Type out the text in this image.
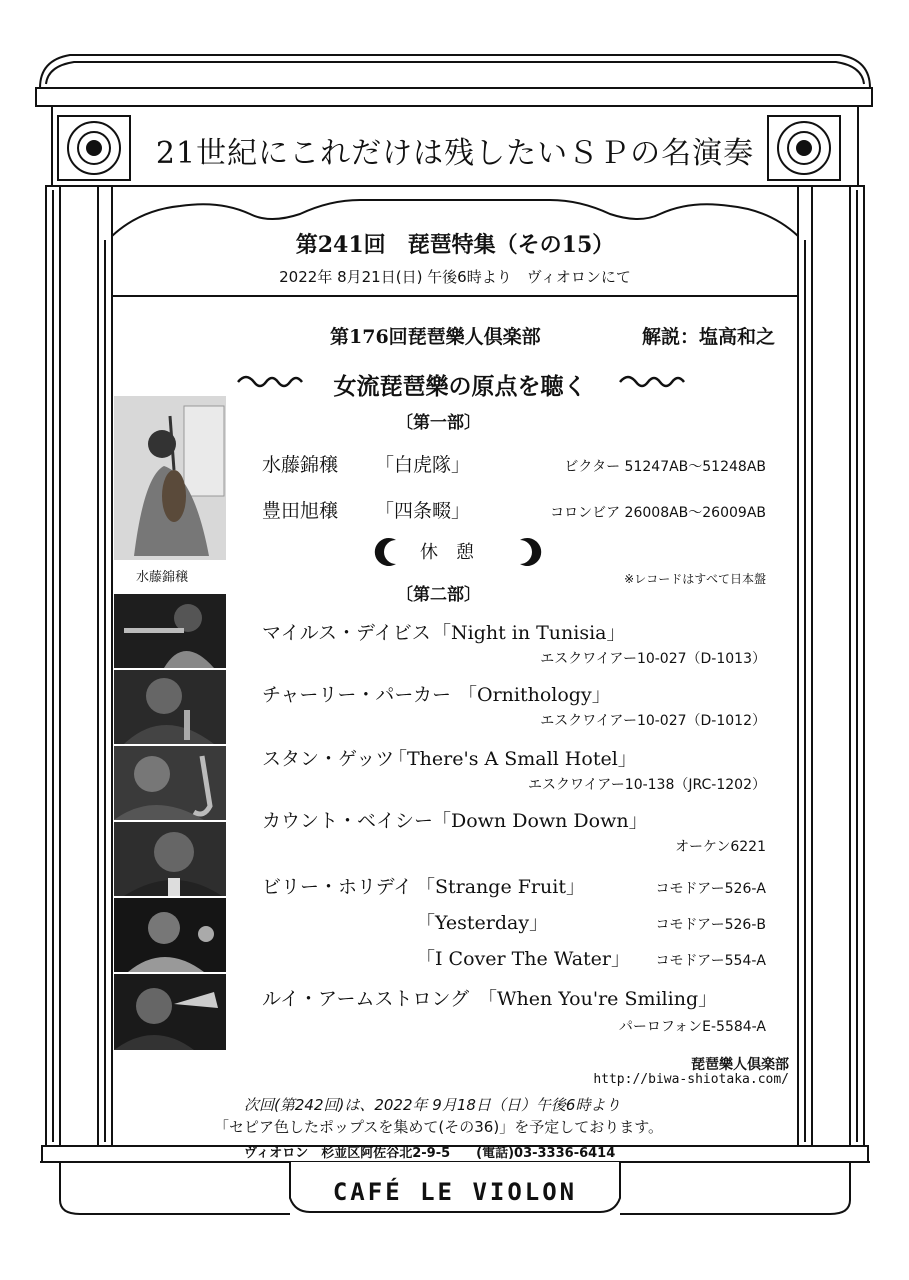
21世紀にこれだけは残したいＳＰの名演奏
第241回　琵琶特集（その15）
2022年 8月21日(日) 午後6時より　ヴィオロンにて
第176回琵琶樂人倶楽部	解説：塩高和之
女流琵琶樂の原点を聴く
水藤錦穣
〔第一部〕
水藤錦穣 「白虎隊」	ビクター 51247AB～51248AB
豊田旭穣 「四条畷」	コロンビア 26008AB～26009AB
休　憩
※レコードはすべて日本盤
〔第二部〕
マイルス・デイビス 「Night in Tunisia」
エスクワイアー10-027（D-1013）
チャーリー・パーカー 「Ornithology」
エスクワイアー10-027（D-1012）
スタン・ゲッツ
「There's A Small Hotel」
エスクワイアー10-138（JRC-1202）
カウント・ベイシー
「Down Down Down」
オーケン6221
ビリー・ホリデイ 「Strange Fruit」	コモドアー526-A
「Yesterday」	コモドアー526-B
「I Cover The Water」 コモドアー554-A
ルイ・アームストロング 「When You're Smiling」
パーロフォンE-5584-A
琵琶樂人倶楽部
http://biwa-shiotaka.com/
次回(第242回)は、2022年 9月18日（日）午後6時より
「セピア色したポップスを集めて(その36)」を予定しております。
ヴィオロン　杉並区阿佐谷北2-9-5　　(電話)03-3336-6414
CAFÉ LE VIOLON
